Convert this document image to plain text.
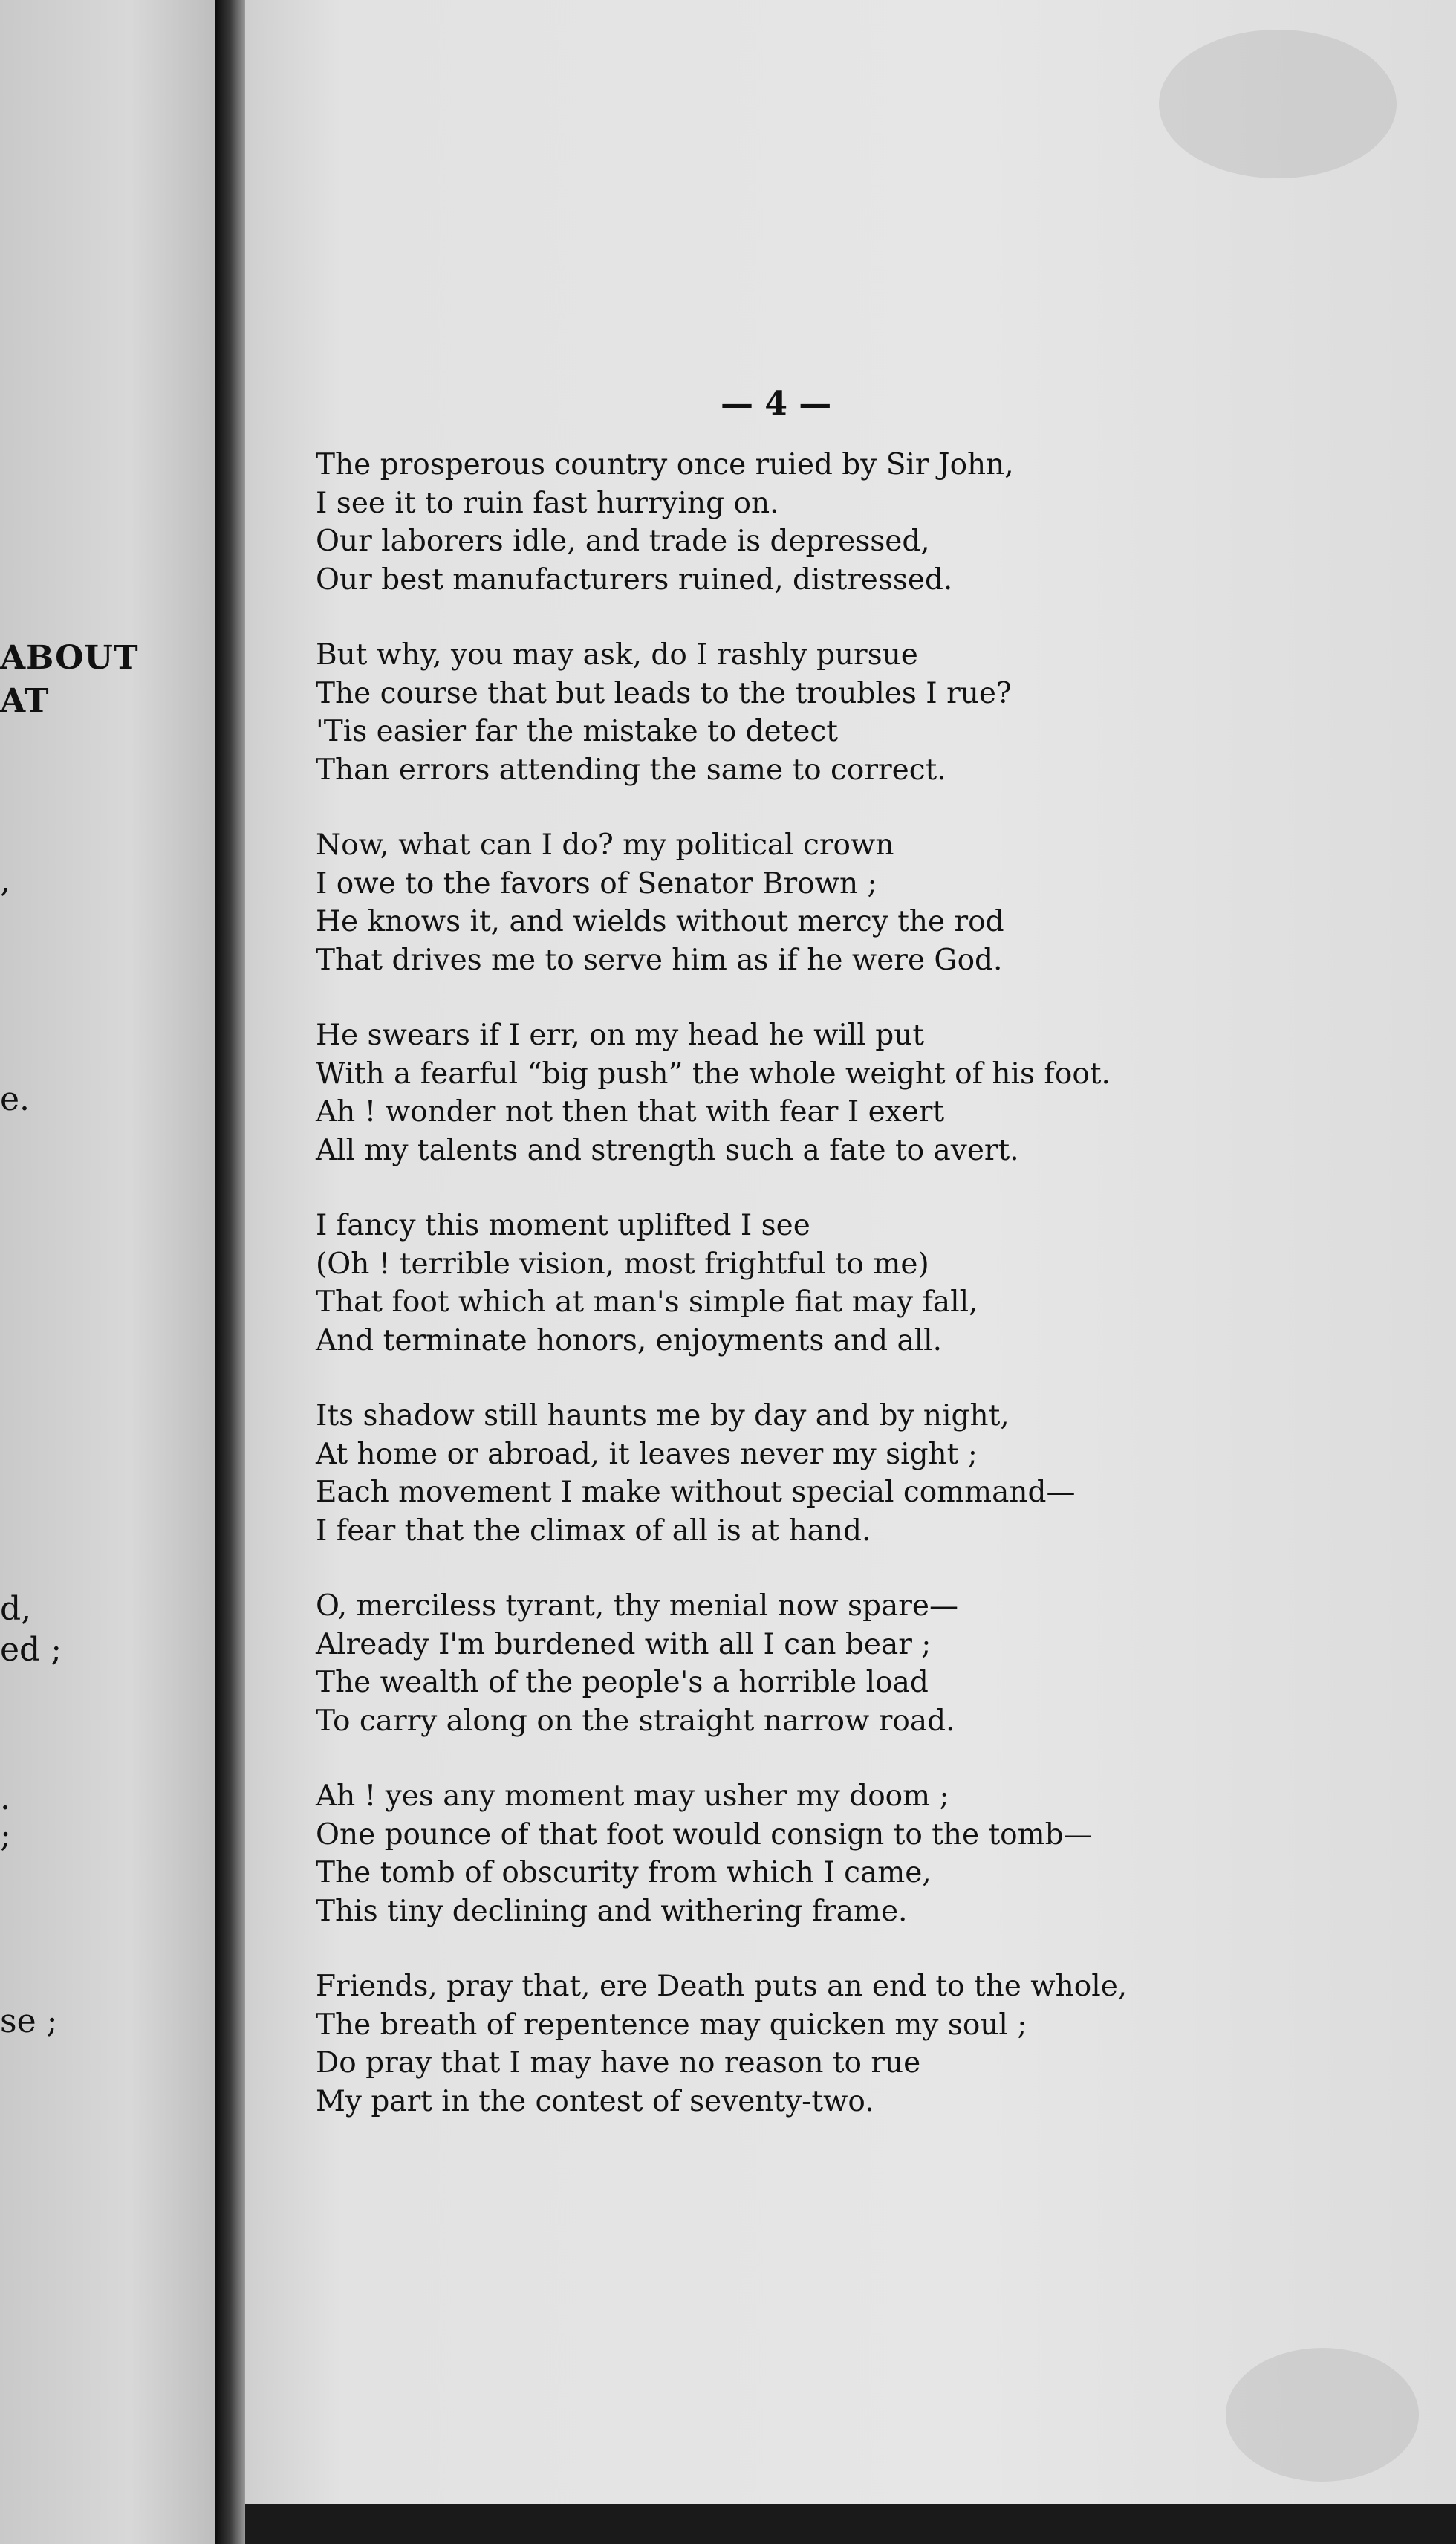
ABOUT
AT
,
e.
d,
ed ;
.
;
se ;
— 4 —
The prosperous country once ruied by Sir John,
I see it to ruin fast hurrying on.
Our laborers idle, and trade is depressed,
Our best manufacturers ruined, distressed.
But why, you may ask, do I rashly pursue
The course that but leads to the troubles I rue?
'Tis easier far the mistake to detect
Than errors attending the same to correct.
Now, what can I do? my political crown
I owe to the favors of Senator Brown ;
He knows it, and wields without mercy the rod
That drives me to serve him as if he were God.
He swears if I err, on my head he will put
With a fearful “big push” the whole weight of his foot.
Ah ! wonder not then that with fear I exert
All my talents and strength such a fate to avert.
I fancy this moment uplifted I see
(Oh ! terrible vision, most frightful to me)
That foot which at man's simple fiat may fall,
And terminate honors, enjoyments and all.
Its shadow still haunts me by day and by night,
At home or abroad, it leaves never my sight ;
Each movement I make without special command—
I fear that the climax of all is at hand.
O, merciless tyrant, thy menial now spare—
Already I'm burdened with all I can bear ;
The wealth of the people's a horrible load
To carry along on the straight narrow road.
Ah ! yes any moment may usher my doom ;
One pounce of that foot would consign to the tomb—
The tomb of obscurity from which I came,
This tiny declining and withering frame.
Friends, pray that, ere Death puts an end to the whole,
The breath of repentence may quicken my soul ;
Do pray that I may have no reason to rue
My part in the contest of seventy-two.
